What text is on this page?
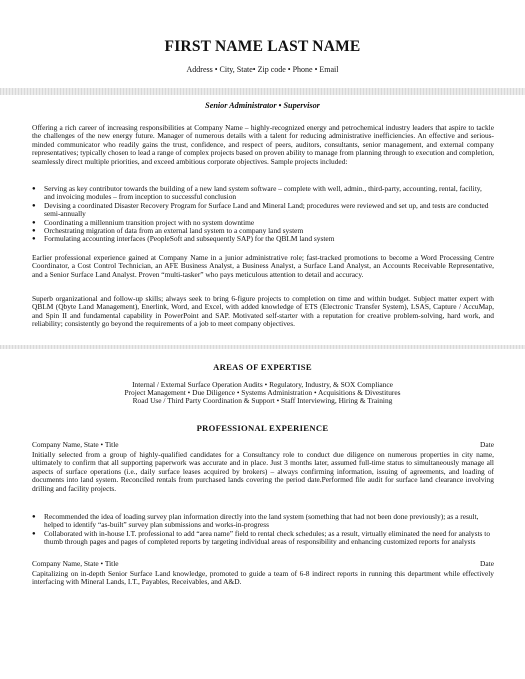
FIRST NAME LAST NAME
Address • City, State• Zip code • Phone • Email
Senior Administrator • Supervisor

Offering a rich career of increasing responsibilities at Company Name – highly-recognized energy and petrochemical industry leaders that aspire to tackle the challenges of the new energy future. Manager of numerous details with a talent for reducing administrative inefficiencies. An effective and serious-minded communicator who readily gains the trust, confidence, and respect of peers, auditors, consultants, senior management, and external company representatives; typically chosen to lead a range of complex projects based on proven ability to manage from planning through to execution and completion, seamlessly direct multiple priorities, and exceed ambitious corporate objectives. Sample projects included:

● Serving as key contributor towards the building of a new land system software – complete with well, admin., third-party, accounting, rental, facility, and invoicing modules – from inception to successful conclusion
● Devising a coordinated Disaster Recovery Program for Surface Land and Mineral Land; procedures were reviewed and set up, and tests are conducted semi-annually
● Coordinating a millennium transition project with no system downtime
● Orchestrating migration of data from an external land system to a company land system
● Formulating accounting interfaces (PeopleSoft and subsequently SAP) for the QBLM land system

Earlier professional experience gained at Company Name in a junior administrative role; fast-tracked promotions to become a Word Processing Centre Coordinator, a Cost Control Technician, an AFE Business Analyst, a Business Analyst, a Surface Land Analyst, an Accounts Receivable Representative, and a Senior Surface Land Analyst. Proven “multi-tasker” who pays meticulous attention to detail and accuracy.

Superb organizational and follow-up skills; always seek to bring 6-figure projects to completion on time and within budget. Subject matter expert with QBLM (Qbyte Land Management), Enerlink, Word, and Excel, with added knowledge of ETS (Electronic Transfer System), LSAS, Capture / AccuMap, and Spin II and fundamental capability in PowerPoint and SAP. Motivated self-starter with a reputation for creative problem-solving, hard work, and reliability; consistently go beyond the requirements of a job to meet company objectives.

AREAS OF EXPERTISE
Internal / External Surface Operation Audits • Regulatory, Industry, & SOX Compliance
Project Management • Due Diligence • Systems Administration • Acquisitions & Divestitures
Road Use / Third Party Coordination & Support • Staff Interviewing, Hiring & Training
PROFESSIONAL EXPERIENCE
Company Name, State • Title	Date

Initially selected from a group of highly-qualified candidates for a Consultancy role to conduct due diligence on numerous properties in city name, ultimately to confirm that all supporting paperwork was accurate and in place. Just 3 months later, assumed full-time status to simultaneously manage all aspects of surface operations (i.e., daily surface leases acquired by brokers) – always confirming information, issuing of agreements, and loading of documents into land system. Reconciled rentals from purchased lands covering the period date.Performed file audit for surface land clearance involving drilling and facility projects.

● Recommended the idea of loading survey plan information directly into the land system (something that had not been done previously); as a result, helped to identify “as-built” survey plan submissions and works-in-progress
● Collaborated with in-house I.T. professional to add “area name” field to rental check schedules; as a result, virtually eliminated the need for analysts to thumb through pages and pages of completed reports by targeting individual areas of responsibility and enhancing customized reports for analysts
Company Name, State • Title	Date

Capitalizing on in-depth Senior Surface Land knowledge, promoted to guide a team of 6-8 indirect reports in running this department while effectively interfacing with Mineral Lands, I.T., Payables, Receivables, and A&D.
